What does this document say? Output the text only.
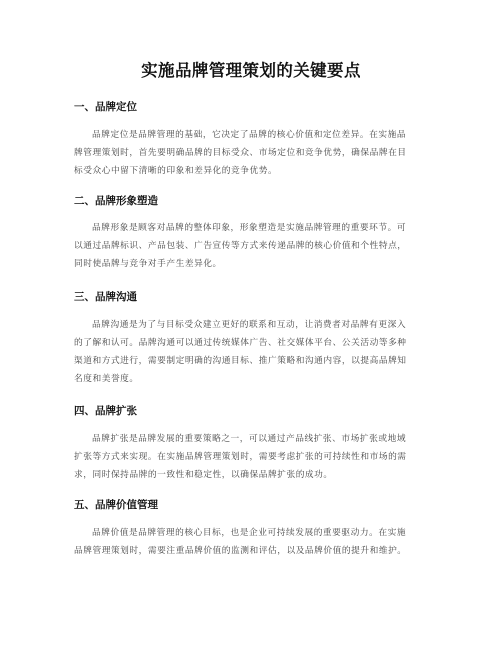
实施品牌管理策划的关键要点
一、品牌定位
品牌定位是品牌管理的基础，它决定了品牌的核心价值和定位差异。在实施品
牌管理策划时，首先要明确品牌的目标受众、市场定位和竞争优势，确保品牌在目
标受众心中留下清晰的印象和差异化的竞争优势。
二、品牌形象塑造
品牌形象是顾客对品牌的整体印象，形象塑造是实施品牌管理的重要环节。可
以通过品牌标识、产品包装、广告宣传等方式来传递品牌的核心价值和个性特点，
同时使品牌与竞争对手产生差异化。
三、品牌沟通
品牌沟通是为了与目标受众建立更好的联系和互动，让消费者对品牌有更深入
的了解和认可。品牌沟通可以通过传统媒体广告、社交媒体平台、公关活动等多种
渠道和方式进行，需要制定明确的沟通目标、推广策略和沟通内容，以提高品牌知
名度和美誉度。
四、品牌扩张
品牌扩张是品牌发展的重要策略之一，可以通过产品线扩张、市场扩张或地域
扩张等方式来实现。在实施品牌管理策划时，需要考虑扩张的可持续性和市场的需
求，同时保持品牌的一致性和稳定性，以确保品牌扩张的成功。
五、品牌价值管理
品牌价值是品牌管理的核心目标，也是企业可持续发展的重要驱动力。在实施
品牌管理策划时，需要注重品牌价值的监测和评估，以及品牌价值的提升和维护。
